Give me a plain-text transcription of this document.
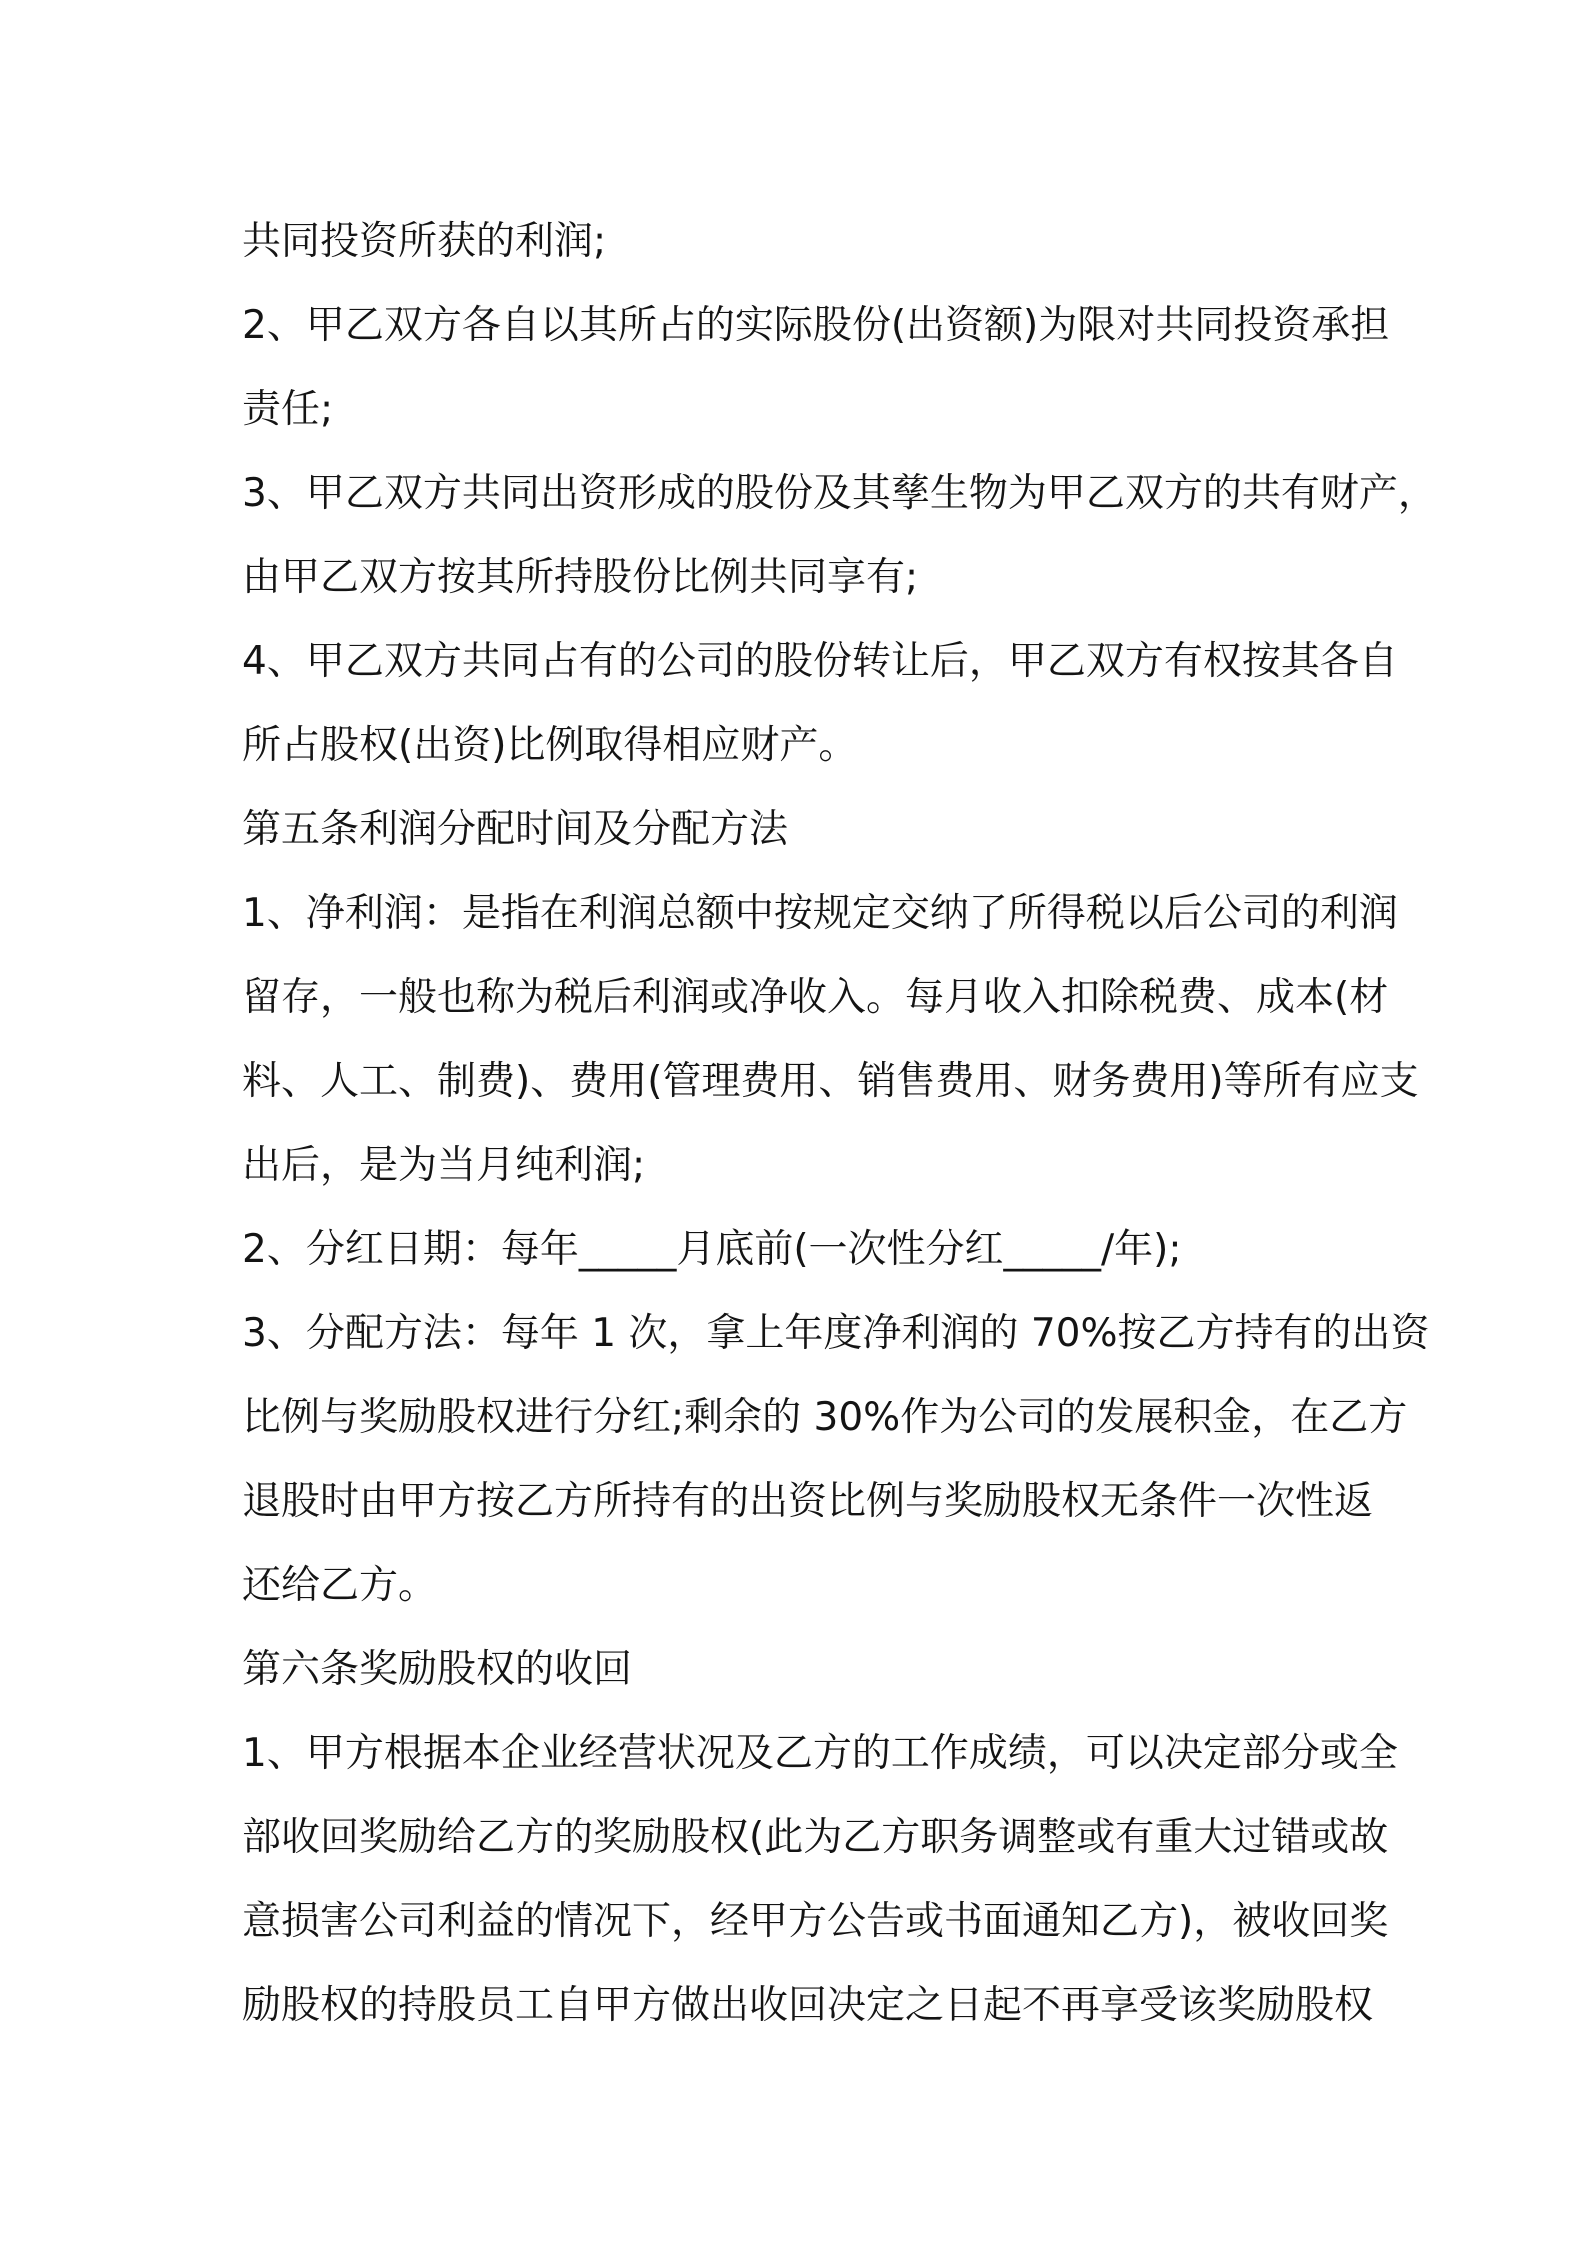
共同投资所获的利润;
2、甲乙双方各自以其所占的实际股份(出资额)为限对共同投资承担
责任;
3、甲乙双方共同出资形成的股份及其孳生物为甲乙双方的共有财产，
由甲乙双方按其所持股份比例共同享有;
4、甲乙双方共同占有的公司的股份转让后，甲乙双方有权按其各自
所占股权(出资)比例取得相应财产。
第五条利润分配时间及分配方法
1、净利润：是指在利润总额中按规定交纳了所得税以后公司的利润
留存，一般也称为税后利润或净收入。每月收入扣除税费、成本(材
料、人工、制费)、费用(管理费用、销售费用、财务费用)等所有应支
出后，是为当月纯利润;
2、分红日期：每年_____月底前(一次性分红_____/年);
3、分配方法：每年 1 次，拿上年度净利润的 70%按乙方持有的出资
比例与奖励股权进行分红;剩余的 30%作为公司的发展积金，在乙方
退股时由甲方按乙方所持有的出资比例与奖励股权无条件一次性返
还给乙方。
第六条奖励股权的收回
1、甲方根据本企业经营状况及乙方的工作成绩，可以决定部分或全
部收回奖励给乙方的奖励股权(此为乙方职务调整或有重大过错或故
意损害公司利益的情况下，经甲方公告或书面通知乙方)，被收回奖
励股权的持股员工自甲方做出收回决定之日起不再享受该奖励股权
